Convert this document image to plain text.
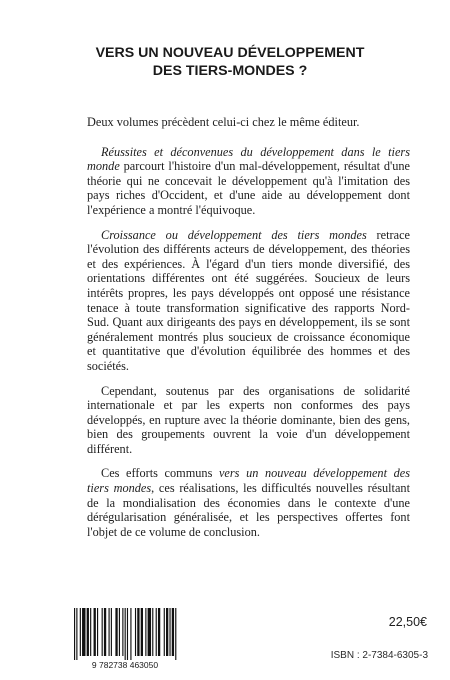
VERS UN NOUVEAU DÉVELOPPEMENT
DES TIERS-MONDES ?

Deux volumes précèdent celui-ci chez le même éditeur.

Réussites et déconvenues du développement dans le tiers monde parcourt l'histoire d'un mal-développement, résultat d'une théorie qui ne concevait le développement qu'à l'imitation des pays riches d'Occident, et d'une aide au développement dont l'expérience a montré l'équivoque.

Croissance ou développement des tiers mondes retrace l'évolution des différents acteurs de développement, des théories et des expériences. À l'égard d'un tiers monde diversifié, des orientations différentes ont été suggérées. Soucieux de leurs intérêts propres, les pays développés ont opposé une résistance tenace à toute transformation significative des rapports Nord-Sud. Quant aux dirigeants des pays en développement, ils se sont généralement montrés plus soucieux de croissance économique et quantitative que d'évolution équilibrée des hommes et des sociétés.

Cependant, soutenus par des organisations de solidarité internationale et par les experts non conformes des pays développés, en rupture avec la théorie dominante, bien des gens, bien des groupements ouvrent la voie d'un développement différent.

Ces efforts communs vers un nouveau développement des tiers mondes, ces réalisations, les difficultés nouvelles résultant de la mondialisation des économies dans le contexte d'une dérégularisation généralisée, et les perspectives offertes font l'objet de ce volume de conclusion.

9 782738 463050
22,50€
ISBN : 2-7384-6305-3
